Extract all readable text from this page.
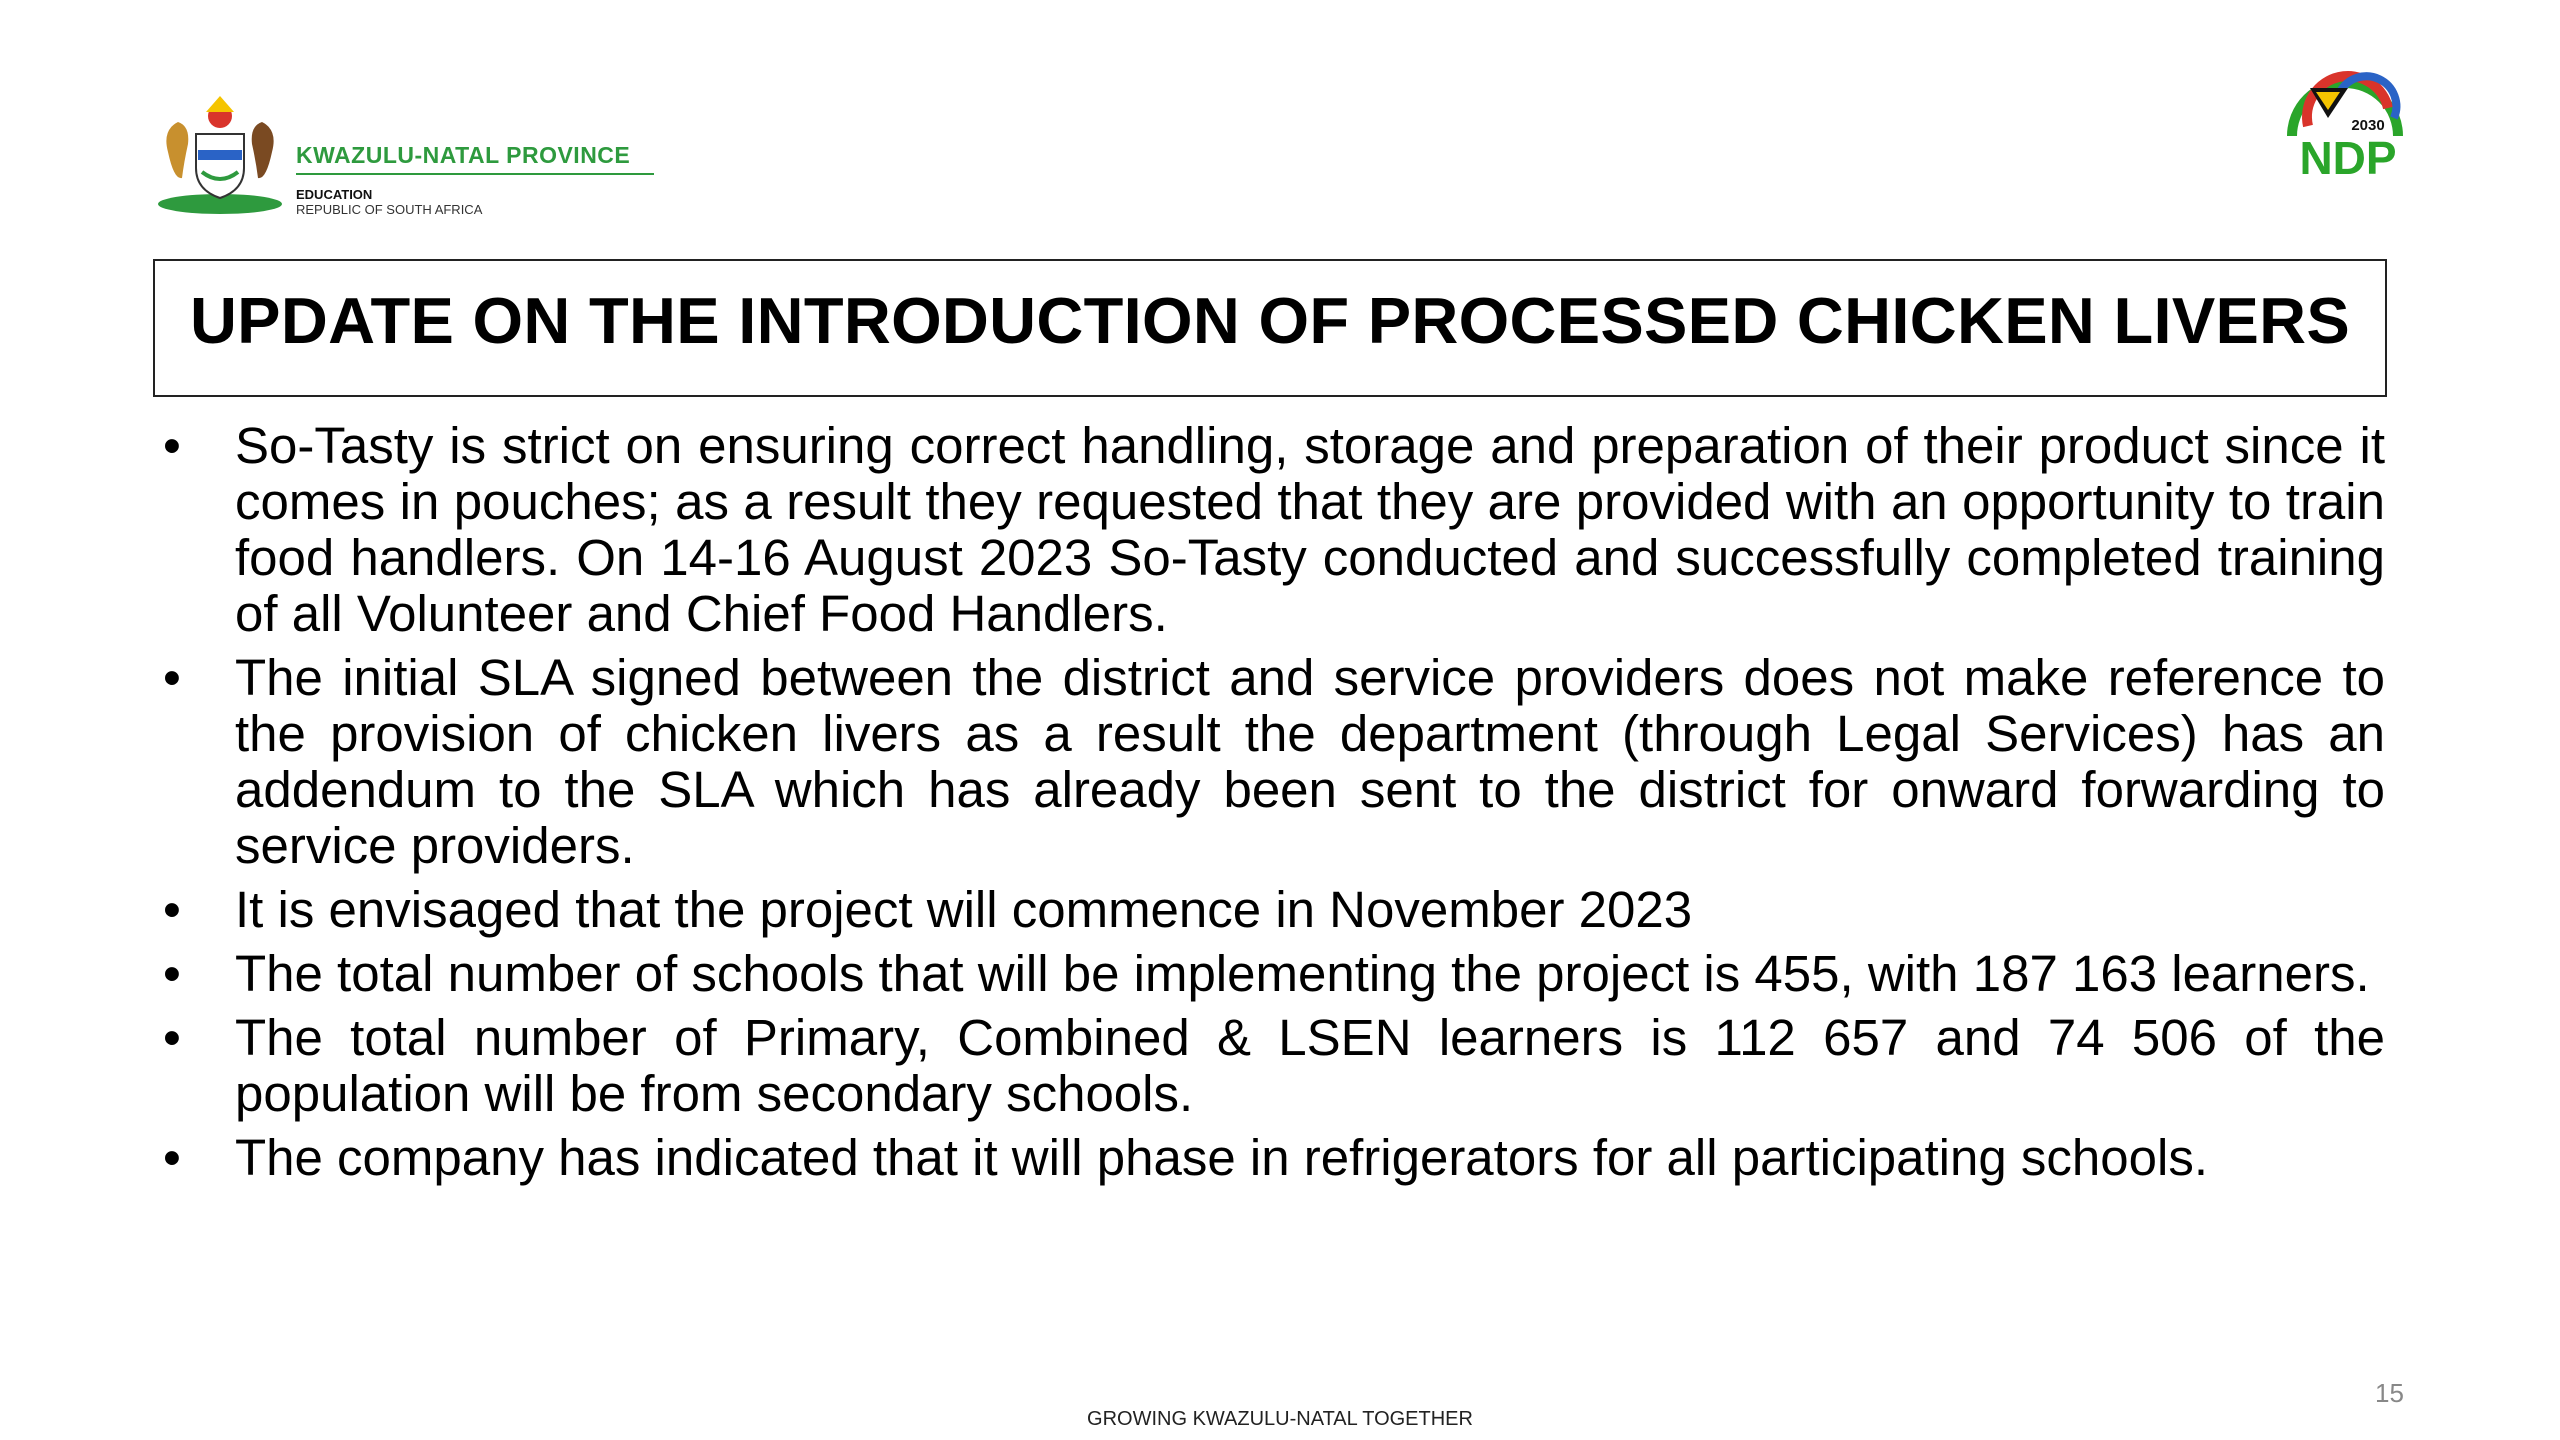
KWAZULU-NATAL PROVINCE
EDUCATION
REPUBLIC OF SOUTH AFRICA
2030
NDP
UPDATE ON THE INTRODUCTION OF PROCESSED CHICKEN LIVERS
• So-Tasty is strict on ensuring correct handling, storage and preparation of their product since it comes in pouches; as a result they requested that they are provided with an opportunity to train food handlers. On 14-16 August 2023 So-Tasty conducted and successfully completed training of all Volunteer and Chief Food Handlers.
• The initial SLA signed between the district and service providers does not make reference to the provision of chicken livers as a result the department (through Legal Services) has an addendum to the SLA which has already been sent to the district for onward forwarding to service providers.
• It is envisaged that the project will commence in November 2023
• The total number of schools that will be implementing the project is 455, with 187 163 learners.
• The total number of Primary, Combined & LSEN learners is 112 657 and 74 506 of the population will be from secondary schools.
• The company has indicated that it will phase in refrigerators for all participating schools.
15
GROWING KWAZULU-NATAL TOGETHER
